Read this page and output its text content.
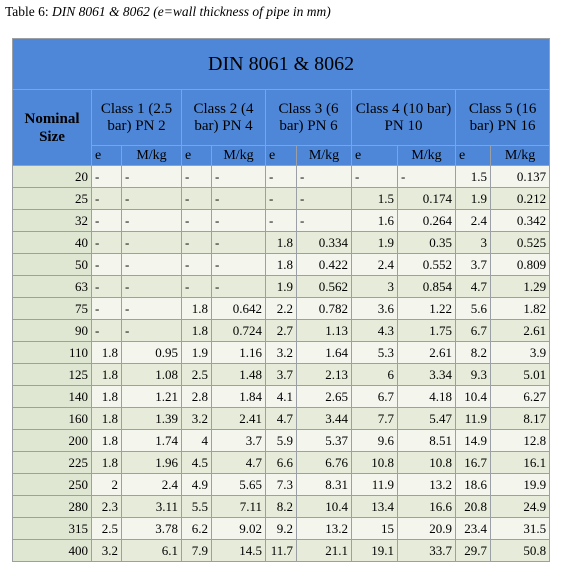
Table 6: DIN 8061 & 8062 (e=wall thickness of pipe in mm)
DIN 8061 & 8062										
Nominal Size	Class 1 (2.5 bar) PN 2		Class 2 (4 bar) PN 4		Class 3 (6 bar) PN 6		Class 4 (10 bar) PN 10		Class 5 (16 bar) PN 16	
	e	M/kg	e	M/kg	e	M/kg	e	M/kg	e	M/kg
20	-	-	-	-	-	-	-	-	1.5	0.137
25	-	-	-	-	-	-	1.5	0.174	1.9	0.212
32	-	-	-	-	-	-	1.6	0.264	2.4	0.342
40	-	-	-	-	1.8	0.334	1.9	0.35	3	0.525
50	-	-	-	-	1.8	0.422	2.4	0.552	3.7	0.809
63	-	-	-	-	1.9	0.562	3	0.854	4.7	1.29
75	-	-	1.8	0.642	2.2	0.782	3.6	1.22	5.6	1.82
90	-	-	1.8	0.724	2.7	1.13	4.3	1.75	6.7	2.61
110	1.8	0.95	1.9	1.16	3.2	1.64	5.3	2.61	8.2	3.9
125	1.8	1.08	2.5	1.48	3.7	2.13	6	3.34	9.3	5.01
140	1.8	1.21	2.8	1.84	4.1	2.65	6.7	4.18	10.4	6.27
160	1.8	1.39	3.2	2.41	4.7	3.44	7.7	5.47	11.9	8.17
200	1.8	1.74	4	3.7	5.9	5.37	9.6	8.51	14.9	12.8
225	1.8	1.96	4.5	4.7	6.6	6.76	10.8	10.8	16.7	16.1
250	2	2.4	4.9	5.65	7.3	8.31	11.9	13.2	18.6	19.9
280	2.3	3.11	5.5	7.11	8.2	10.4	13.4	16.6	20.8	24.9
315	2.5	3.78	6.2	9.02	9.2	13.2	15	20.9	23.4	31.5
400	3.2	6.1	7.9	14.5	11.7	21.1	19.1	33.7	29.7	50.8
